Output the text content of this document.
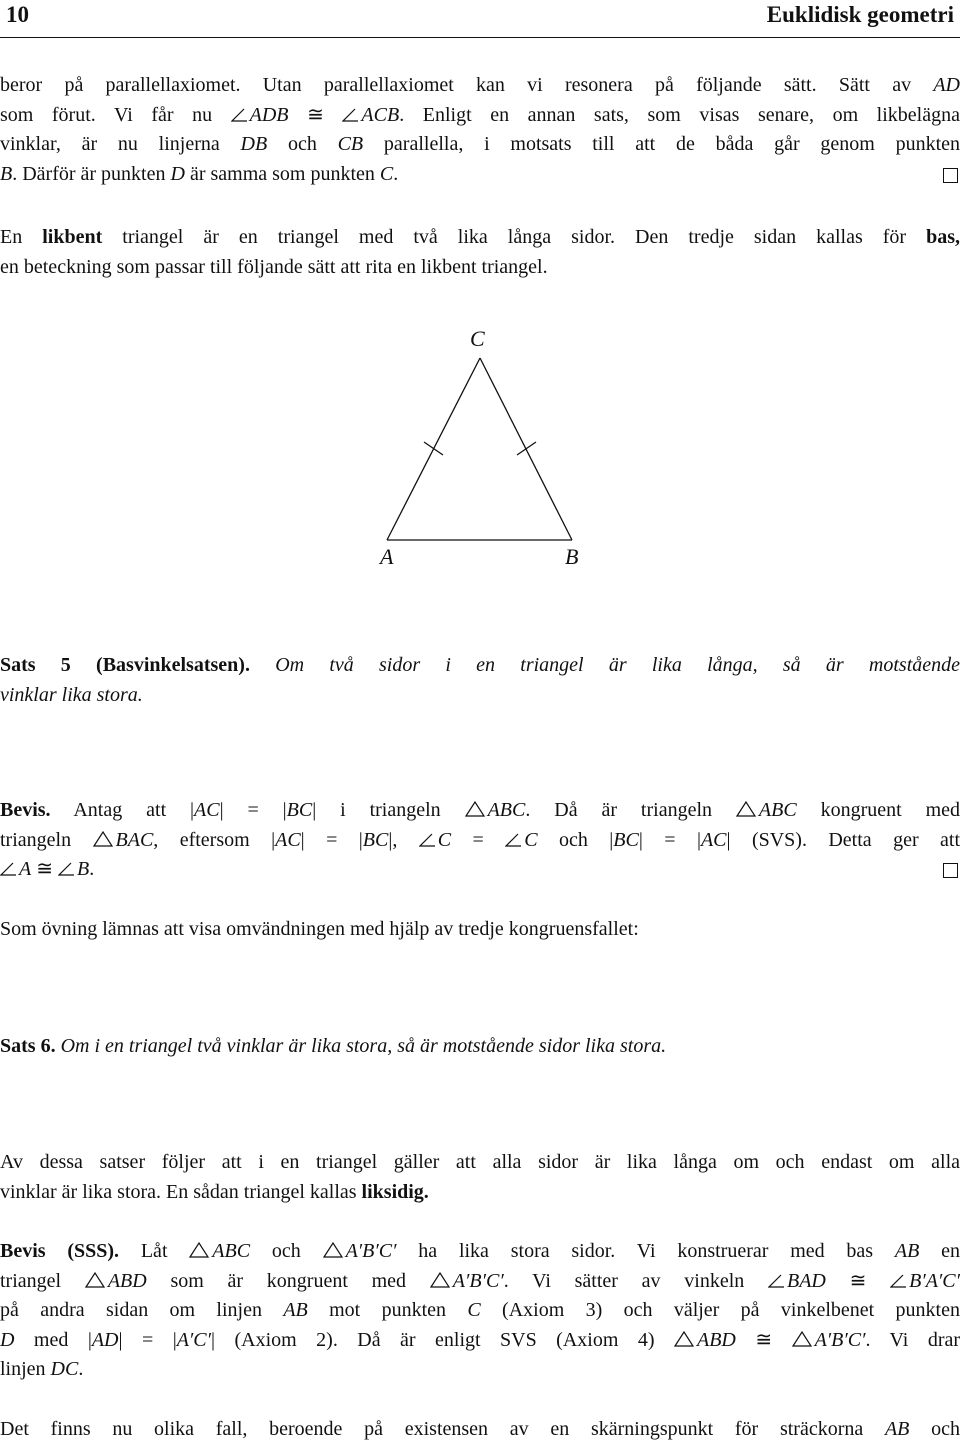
10	Euklidisk geometri
beror på parallellaxiomet. Utan parallellaxiomet kan vi resonera på följande sätt. Sätt av AD
som förut. Vi får nu ADB ≅ ACB. Enligt en annan sats, som visas senare, om likbelägna
vinklar, är nu linjerna DB och CB parallella, i motsats till att de båda går genom punkten
B. Därför är punkten D är samma som punkten C.
En likbent triangel är en triangel med två lika långa sidor. Den tredje sidan kallas för bas,
en beteckning som passar till följande sätt att rita en likbent triangel.
C
A	B
Sats 5 (Basvinkelsatsen). Om två sidor i en triangel är lika långa, så är motstående
vinklar lika stora.
Bevis. Antag att |AC| = |BC| i triangeln ABC. Då är triangeln ABC kongruent med
triangeln BAC, eftersom |AC| = |BC|, C = C och |BC| = |AC| (SVS). Detta ger att
A ≅ B.
Som övning lämnas att visa omvändningen med hjälp av tredje kongruensfallet:
Sats 6. Om i en triangel två vinklar är lika stora, så är motstående sidor lika stora.
Av dessa satser följer att i en triangel gäller att alla sidor är lika långa om och endast om alla
vinklar är lika stora. En sådan triangel kallas liksidig.
Bevis (SSS). Låt ABC och A′B′C′ ha lika stora sidor. Vi konstruerar med bas AB en
triangel ABD som är kongruent med A′B′C′. Vi sätter av vinkeln BAD ≅ B′A′C′
på andra sidan om linjen AB mot punkten C (Axiom 3) och väljer på vinkelbenet punkten
D med |AD| = |A′C′| (Axiom 2). Då är enligt SVS (Axiom 4) ABD ≅ A′B′C′. Vi drar
linjen DC.
Det finns nu olika fall, beroende på existensen av en skärningspunkt för sträckorna AB och
